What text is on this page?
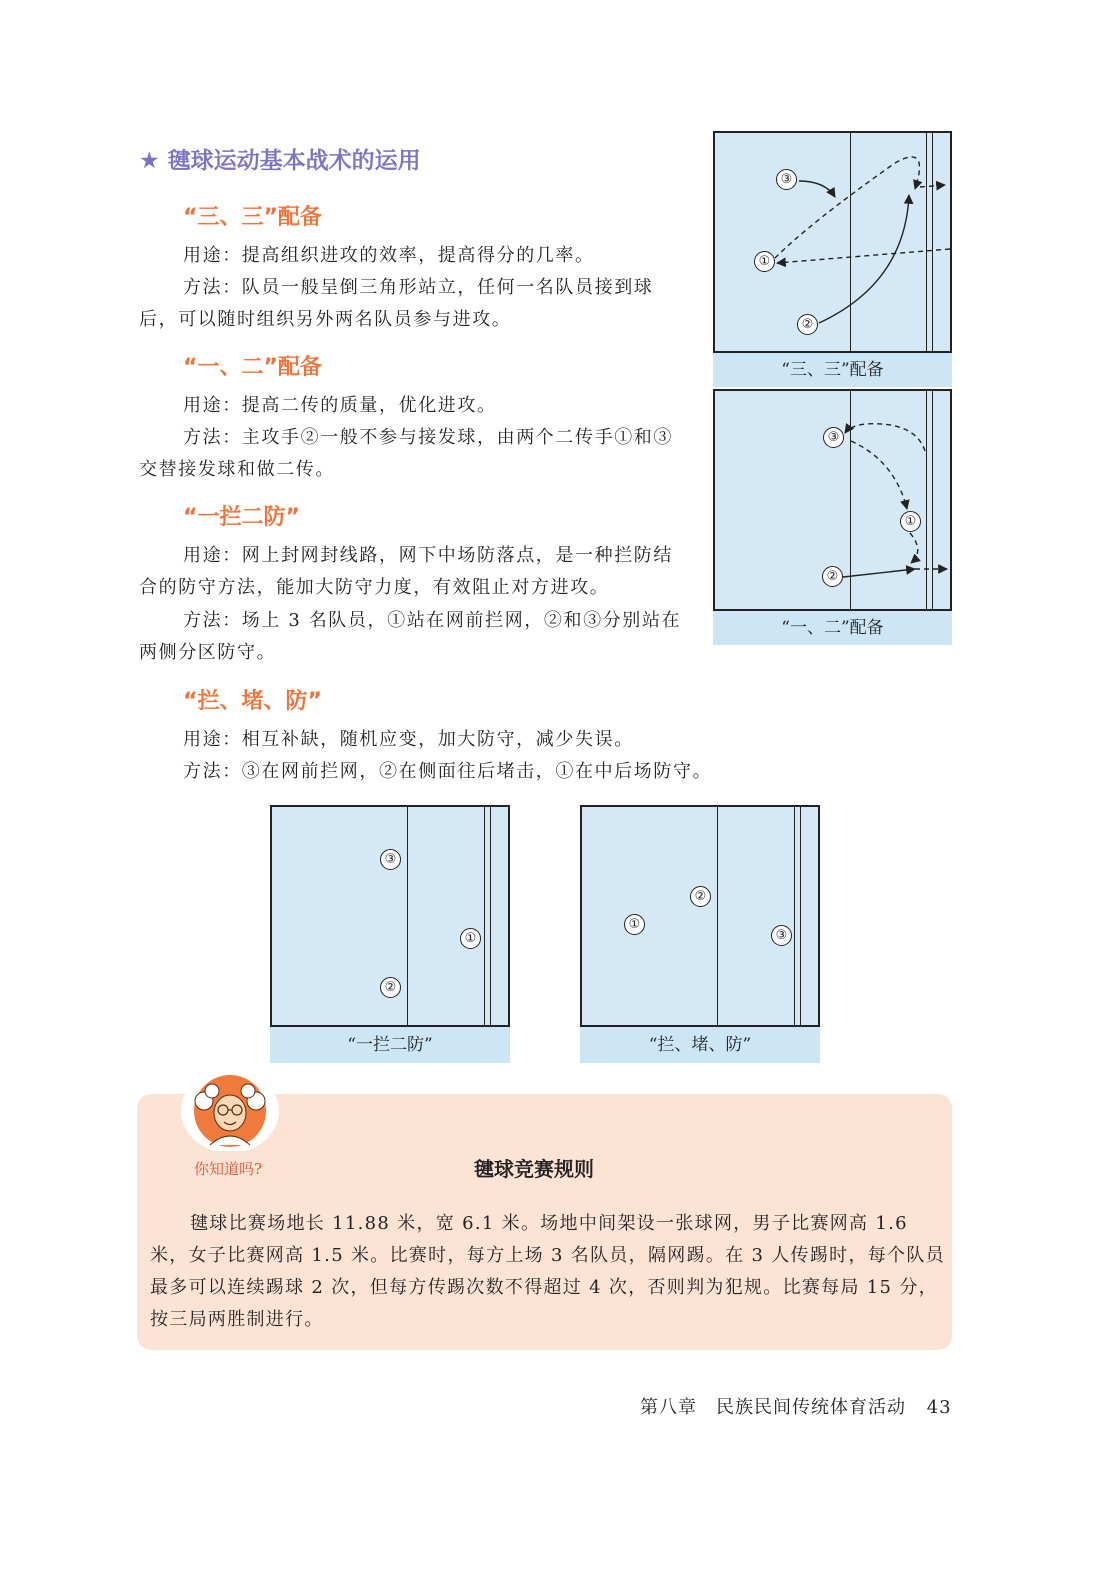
★ 毽球运动基本战术的运用
“三、三”配备

用途：提高组织进攻的效率，提高得分的几率。

方法：队员一般呈倒三角形站立，任何一名队员接到球后，可以随时组织另外两名队员参与进攻。

“一、二”配备

用途：提高二传的质量，优化进攻。

方法：主攻手②一般不参与接发球，由两个二传手①和③交替接发球和做二传。

“一拦二防”

用途：网上封网封线路，网下中场防落点，是一种拦防结合的防守方法，能加大防守力度，有效阻止对方进攻。

方法：场上 3 名队员，①站在网前拦网，②和③分别站在两侧分区防守。

“拦、堵、防”

用途：相互补缺，随机应变，加大防守，减少失误。

方法：③在网前拦网，②在侧面往后堵击，①在中后场防守。

③
①
②
“三、三”配备
③
①
②
“一、二”配备
③
①
②
“一拦二防”
②
①
③
“拦、堵、防”
你知道吗?	毽球竞赛规则

毽球比赛场地长 11.88 米，宽 6.1 米。场地中间架设一张球网，男子比赛网高 1.6 米，女子比赛网高 1.5 米。比赛时，每方上场 3 名队员，隔网踢。在 3 人传踢时，每个队员最多可以连续踢球 2 次，但每方传踢次数不得超过 4 次，否则判为犯规。比赛每局 15 分，按三局两胜制进行。

第八章　民族民间传统体育活动 43
